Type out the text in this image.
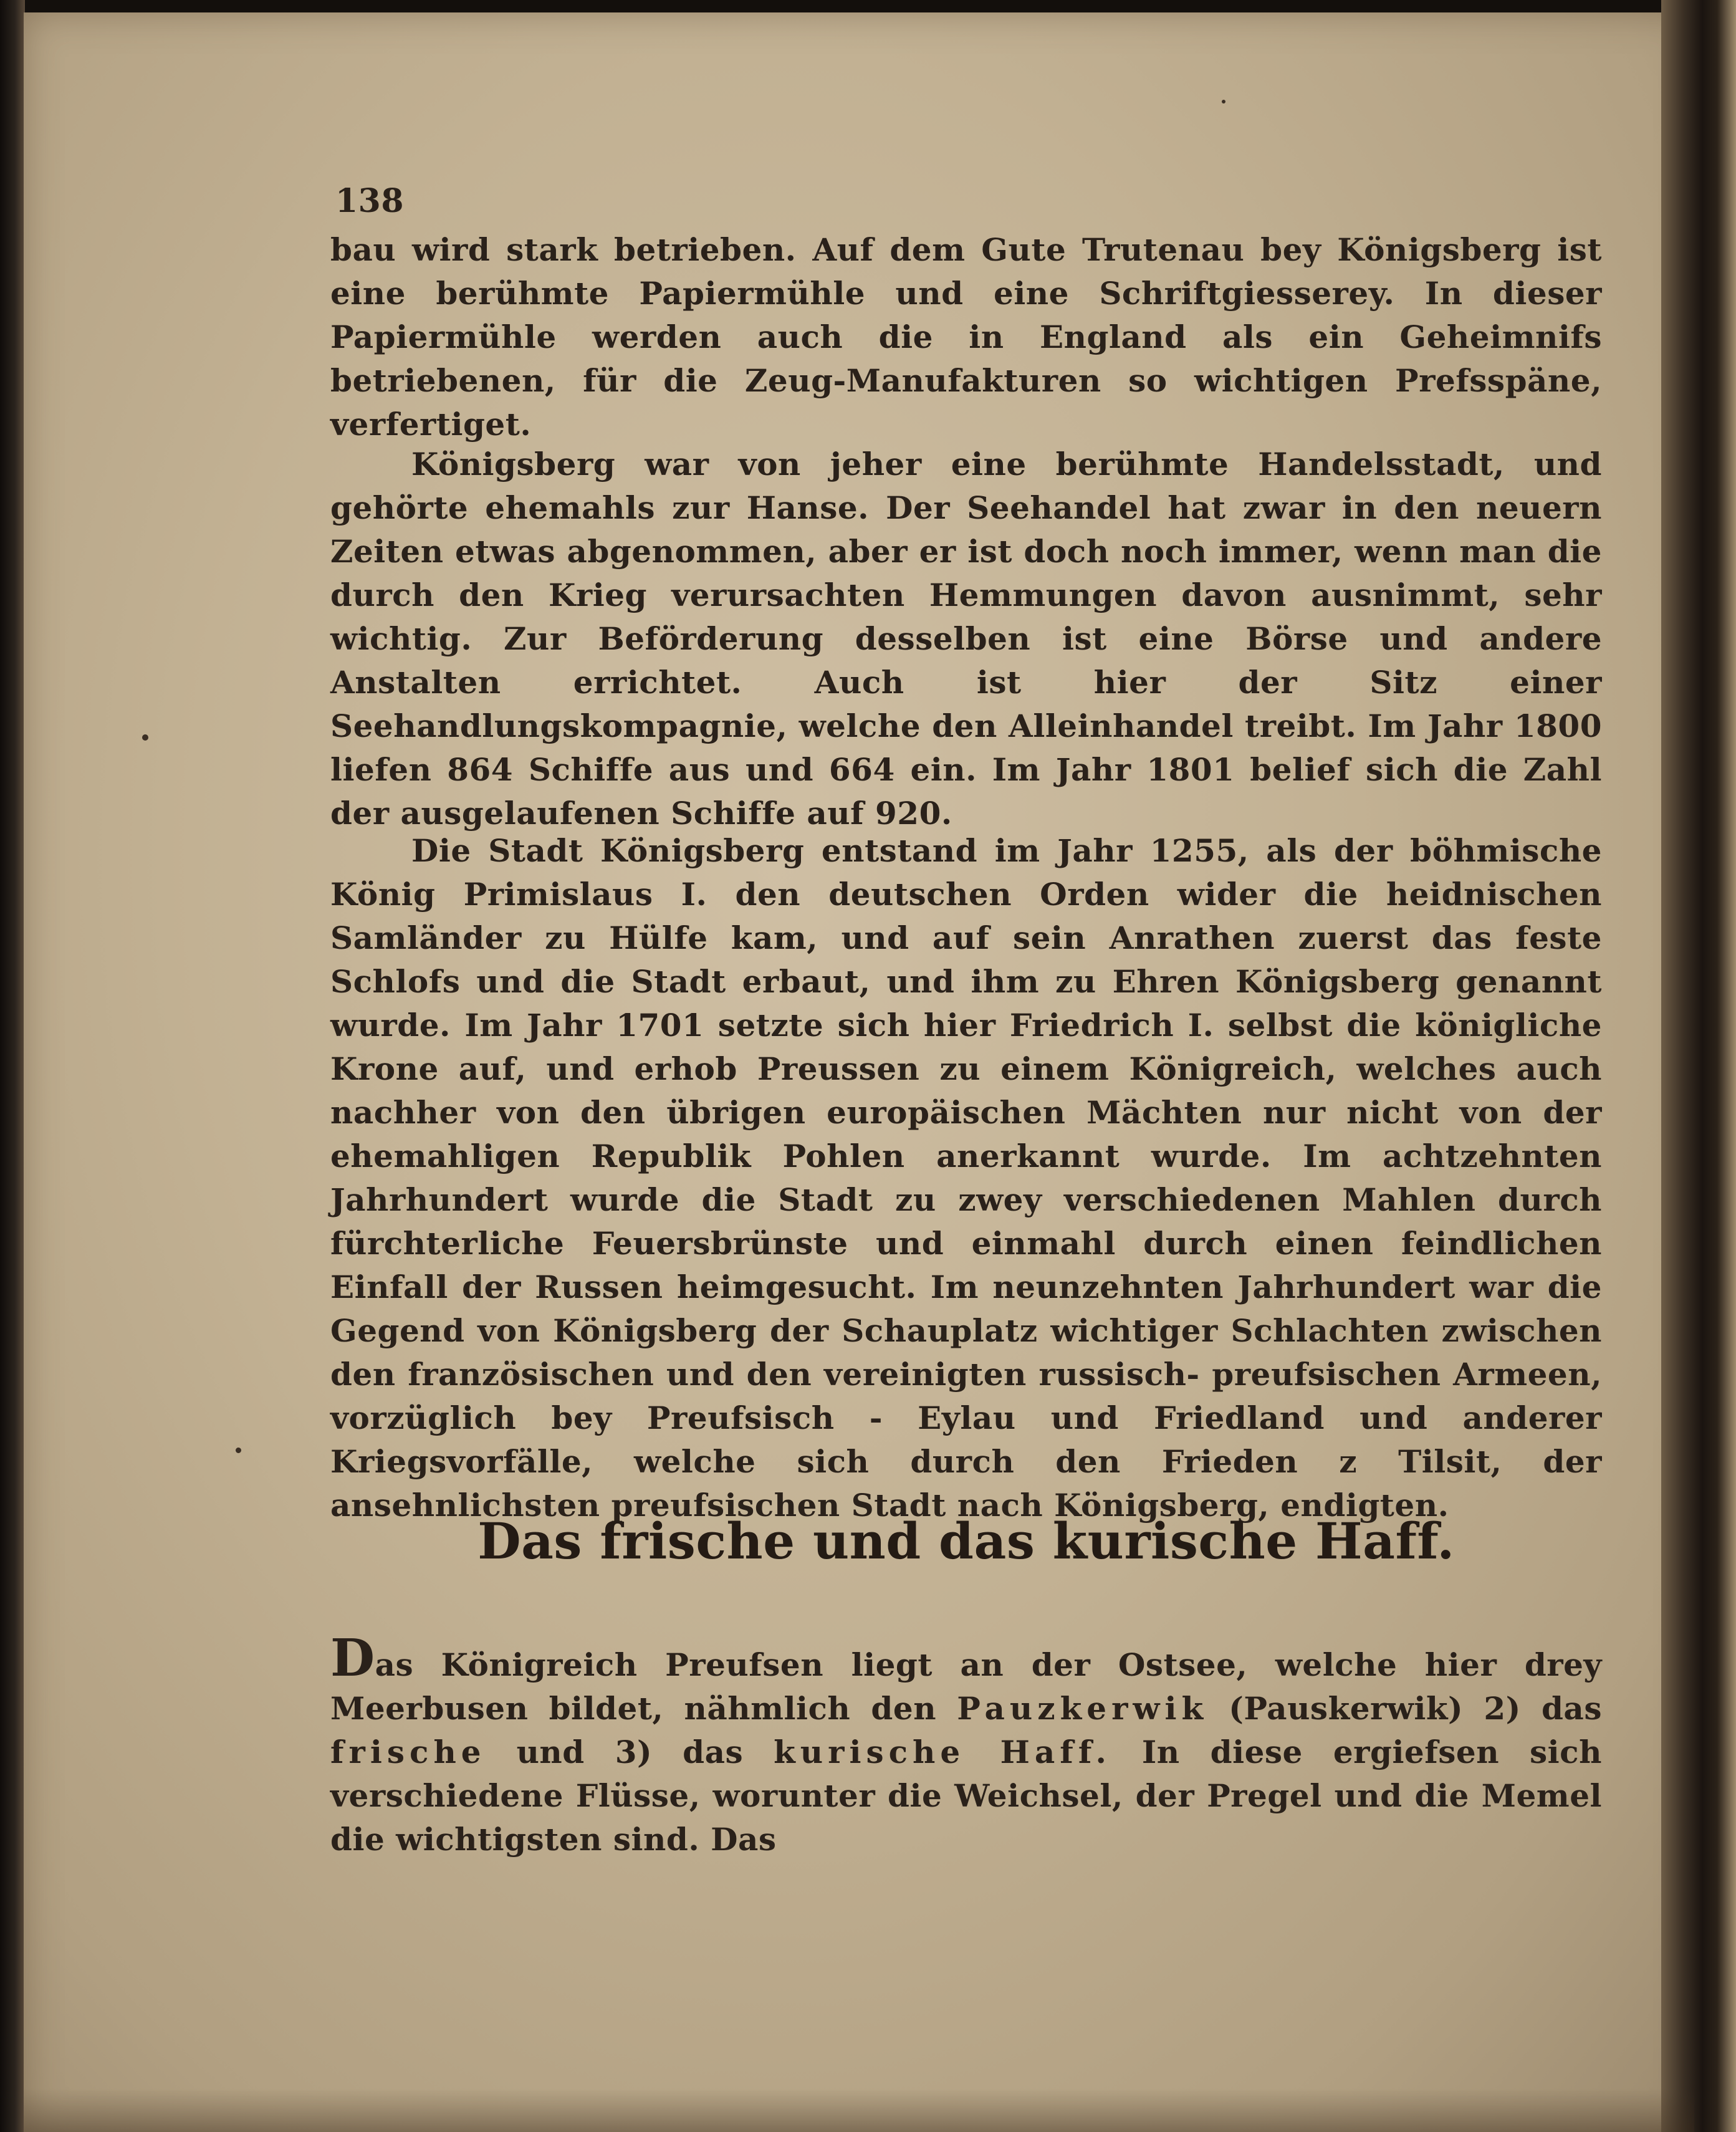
138

bau wird stark betrieben. Auf dem Gute Trutenau bey Königsberg ist eine berühmte Papiermühle und eine Schriftgiesserey. In dieser Papiermühle werden auch die in England als ein Geheimnifs betriebenen, für die Zeug-Manufakturen so wichtigen Prefsspäne, verfertiget.

Königsberg war von jeher eine berühmte Handelsstadt, und gehörte ehemahls zur Hanse. Der Seehandel hat zwar in den neuern Zeiten etwas abgenommen, aber er ist doch noch immer, wenn man die durch den Krieg verursachten Hemmungen davon ausnimmt, sehr wichtig. Zur Beförderung desselben ist eine Börse und andere Anstalten errichtet. Auch ist hier der Sitz einer Seehandlungskompagnie, welche den Alleinhandel treibt. Im Jahr 1800 liefen 864 Schiffe aus und 664 ein. Im Jahr 1801 belief sich die Zahl der ausgelaufenen Schiffe auf 920.

Die Stadt Königsberg entstand im Jahr 1255, als der böhmische König Primislaus I. den deutschen Orden wider die heidnischen Samländer zu Hülfe kam, und auf sein Anrathen zuerst das feste Schlofs und die Stadt erbaut, und ihm zu Ehren Königsberg genannt wurde. Im Jahr 1701 setzte sich hier Friedrich I. selbst die königliche Krone auf, und erhob Preussen zu einem Königreich, welches auch nachher von den übrigen europäischen Mächten nur nicht von der ehemahligen Republik Pohlen anerkannt wurde. Im achtzehnten Jahrhundert wurde die Stadt zu zwey verschiedenen Mahlen durch fürchterliche Feuersbrünste und einmahl durch einen feindlichen Einfall der Russen heimgesucht. Im neunzehnten Jahrhundert war die Gegend von Königsberg der Schauplatz wichtiger Schlachten zwischen den französischen und den vereinigten russisch- preufsischen Armeen, vorzüglich bey Preufsisch - Eylau und Friedland und anderer Kriegsvorfälle, welche sich durch den Frieden z Tilsit, der ansehnlichsten preufsischen Stadt nach Königsberg, endigten.

Das frische und das kurische Haff.

Das Königreich Preufsen liegt an der Ostsee, welche hier drey Meerbusen bildet, nähmlich den Pauzkerwik (Pauskerwik) 2) das frische und 3) das kurische Haff. In diese ergiefsen sich verschiedene Flüsse, worunter die Weichsel, der Pregel und die Memel die wichtigsten sind. Das
